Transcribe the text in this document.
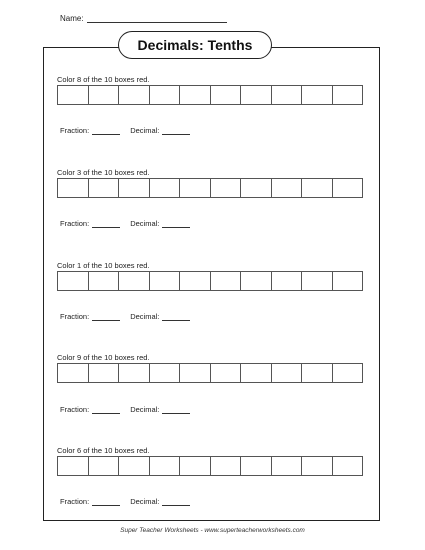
Name:
Decimals: Tenths
Color 8 of the 10 boxes red.
Fraction:	Decimal:
Color 3 of the 10 boxes red.
Fraction:	Decimal:
Color 1 of the 10 boxes red.
Fraction:	Decimal:
Color 9 of the 10 boxes red.
Fraction:	Decimal:
Color 6 of the 10 boxes red.
Fraction:	Decimal:
Super Teacher Worksheets - www.superteacherworksheets.com
